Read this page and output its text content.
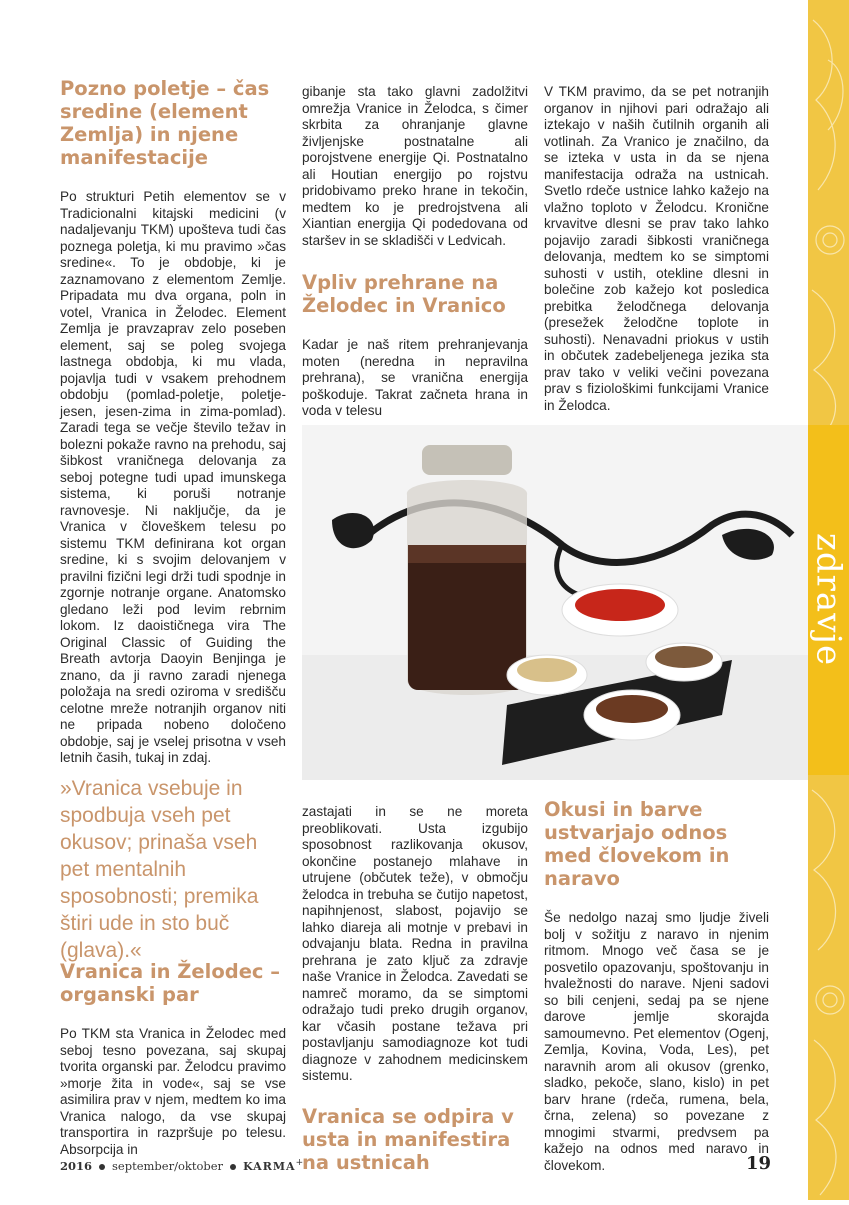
zdravje
Pozno poletje – čas sredine (element Zemlja) in njene manifestacije

Po strukturi Petih elementov se v Tradicionalni kitajski medicini (v nadaljevanju TKM) upošteva tudi čas poznega poletja, ki mu pravimo »čas sredine«. To je obdobje, ki je zaznamovano z elementom Zemlje. Pripadata mu dva organa, poln in votel, Vranica in Želodec. Element Zemlja je pravzaprav zelo poseben element, saj se poleg svojega lastnega obdobja, ki mu vlada, pojavlja tudi v vsakem prehodnem obdobju (pomlad-poletje, poletje-jesen, jesen-zima in zima-pomlad). Zaradi tega se večje število težav in bolezni pokaže ravno na prehodu, saj šibkost vraničnega delovanja za seboj potegne tudi upad imunskega sistema, ki poruši notranje ravnovesje. Ni naključje, da je Vranica v človeškem telesu po sistemu TKM definirana kot organ sredine, ki s svojim delovanjem v pravilni fizični legi drži tudi spodnje in zgornje notranje organe. Anatomsko gledano leži pod levim rebrnim lokom. Iz daoističnega vira The Original Classic of Guiding the Breath avtorja Daoyin Benjinga je znano, da ji ravno zaradi njenega položaja na sredi oziroma v središču celotne mreže notranjih organov niti ne pripada nobeno določeno obdobje, saj je vselej prisotna v vseh letnih časih, tukaj in zdaj.

gibanje sta tako glavni zadolžitvi omrežja Vranice in Želodca, s čimer skrbita za ohranjanje glavne življenjske postnatalne ali porojstvene energije Qi. Postnatalno ali Houtian energijo po rojstvu pridobivamo preko hrane in tekočin, medtem ko je predrojstvena ali Xiantian energija Qi podedovana od staršev in se skladišči v Ledvicah.

Vpliv prehrane na Želodec in Vranico

Kadar je naš ritem prehranjevanja moten (neredna in nepravilna prehrana), se vranična energija poškoduje. Takrat začneta hrana in voda v telesu

V TKM pravimo, da se pet notranjih organov in njihovi pari odražajo ali iztekajo v naših čutilnih organih ali votlinah. Za Vranico je značilno, da se izteka v usta in da se njena manifestacija odraža na ustnicah. Svetlo rdeče ustnice lahko kažejo na vlažno toploto v Želodcu. Kronične krvavitve dlesni se prav tako lahko pojavijo zaradi šibkosti vraničnega delovanja, medtem ko se simptomi suhosti v ustih, otekline dlesni in bolečine zob kažejo kot posledica prebitka želodčnega delovanja (presežek želodčne toplote in suhosti). Nenavadni priokus v ustih in občutek zadebeljenega jezika sta prav tako v veliki večini povezana prav s fiziološkimi funkcijami Vranice in Želodca.

»Vranica vsebuje in spodbuja vseh pet okusov; prinaša vseh pet mentalnih sposobnosti; premika štiri ude in sto buč (glava).«
Vranica in Želodec – organski par

Po TKM sta Vranica in Želodec med seboj tesno povezana, saj skupaj tvorita organski par. Želodcu pravimo »morje žita in vode«, saj se vse asimilira prav v njem, medtem ko ima Vranica nalogo, da vse skupaj transportira in razpršuje po telesu. Absorpcija in

zastajati in se ne moreta preoblikovati. Usta izgubijo sposobnost razlikovanja okusov, okončine postanejo mlahave in utrujene (občutek teže), v območju želodca in trebuha se čutijo napetost, napihnjenost, slabost, pojavijo se lahko diareja ali motnje v prebavi in odvajanju blata. Redna in pravilna prehrana je zato ključ za zdravje naše Vranice in Želodca. Zavedati se namreč moramo, da se simptomi odražajo tudi preko drugih organov, kar včasih postane težava pri postavljanju samodiagnoze kot tudi diagnoze v zahodnem medicinskem sistemu.

Vranica se odpira v usta in manifestira na ustnicah
Okusi in barve ustvarjajo odnos med človekom in naravo

Še nedolgo nazaj smo ljudje živeli bolj v sožitju z naravo in njenim ritmom. Mnogo več časa se je posvetilo opazovanju, spoštovanju in hvaležnosti do narave. Njeni sadovi so bili cenjeni, sedaj pa se njene darove jemlje skorajda samoumevno. Pet elementov (Ogenj, Zemlja, Kovina, Voda, Les), pet naravnih arom ali okusov (grenko, sladko, pekoče, slano, kislo) in pet barv hrane (rdeča, rumena, bela, črna, zelena) so povezane z mnogimi stvarmi, predvsem pa kažejo na odnos med naravo in človekom.

2016 september/oktober KARMA+	19
